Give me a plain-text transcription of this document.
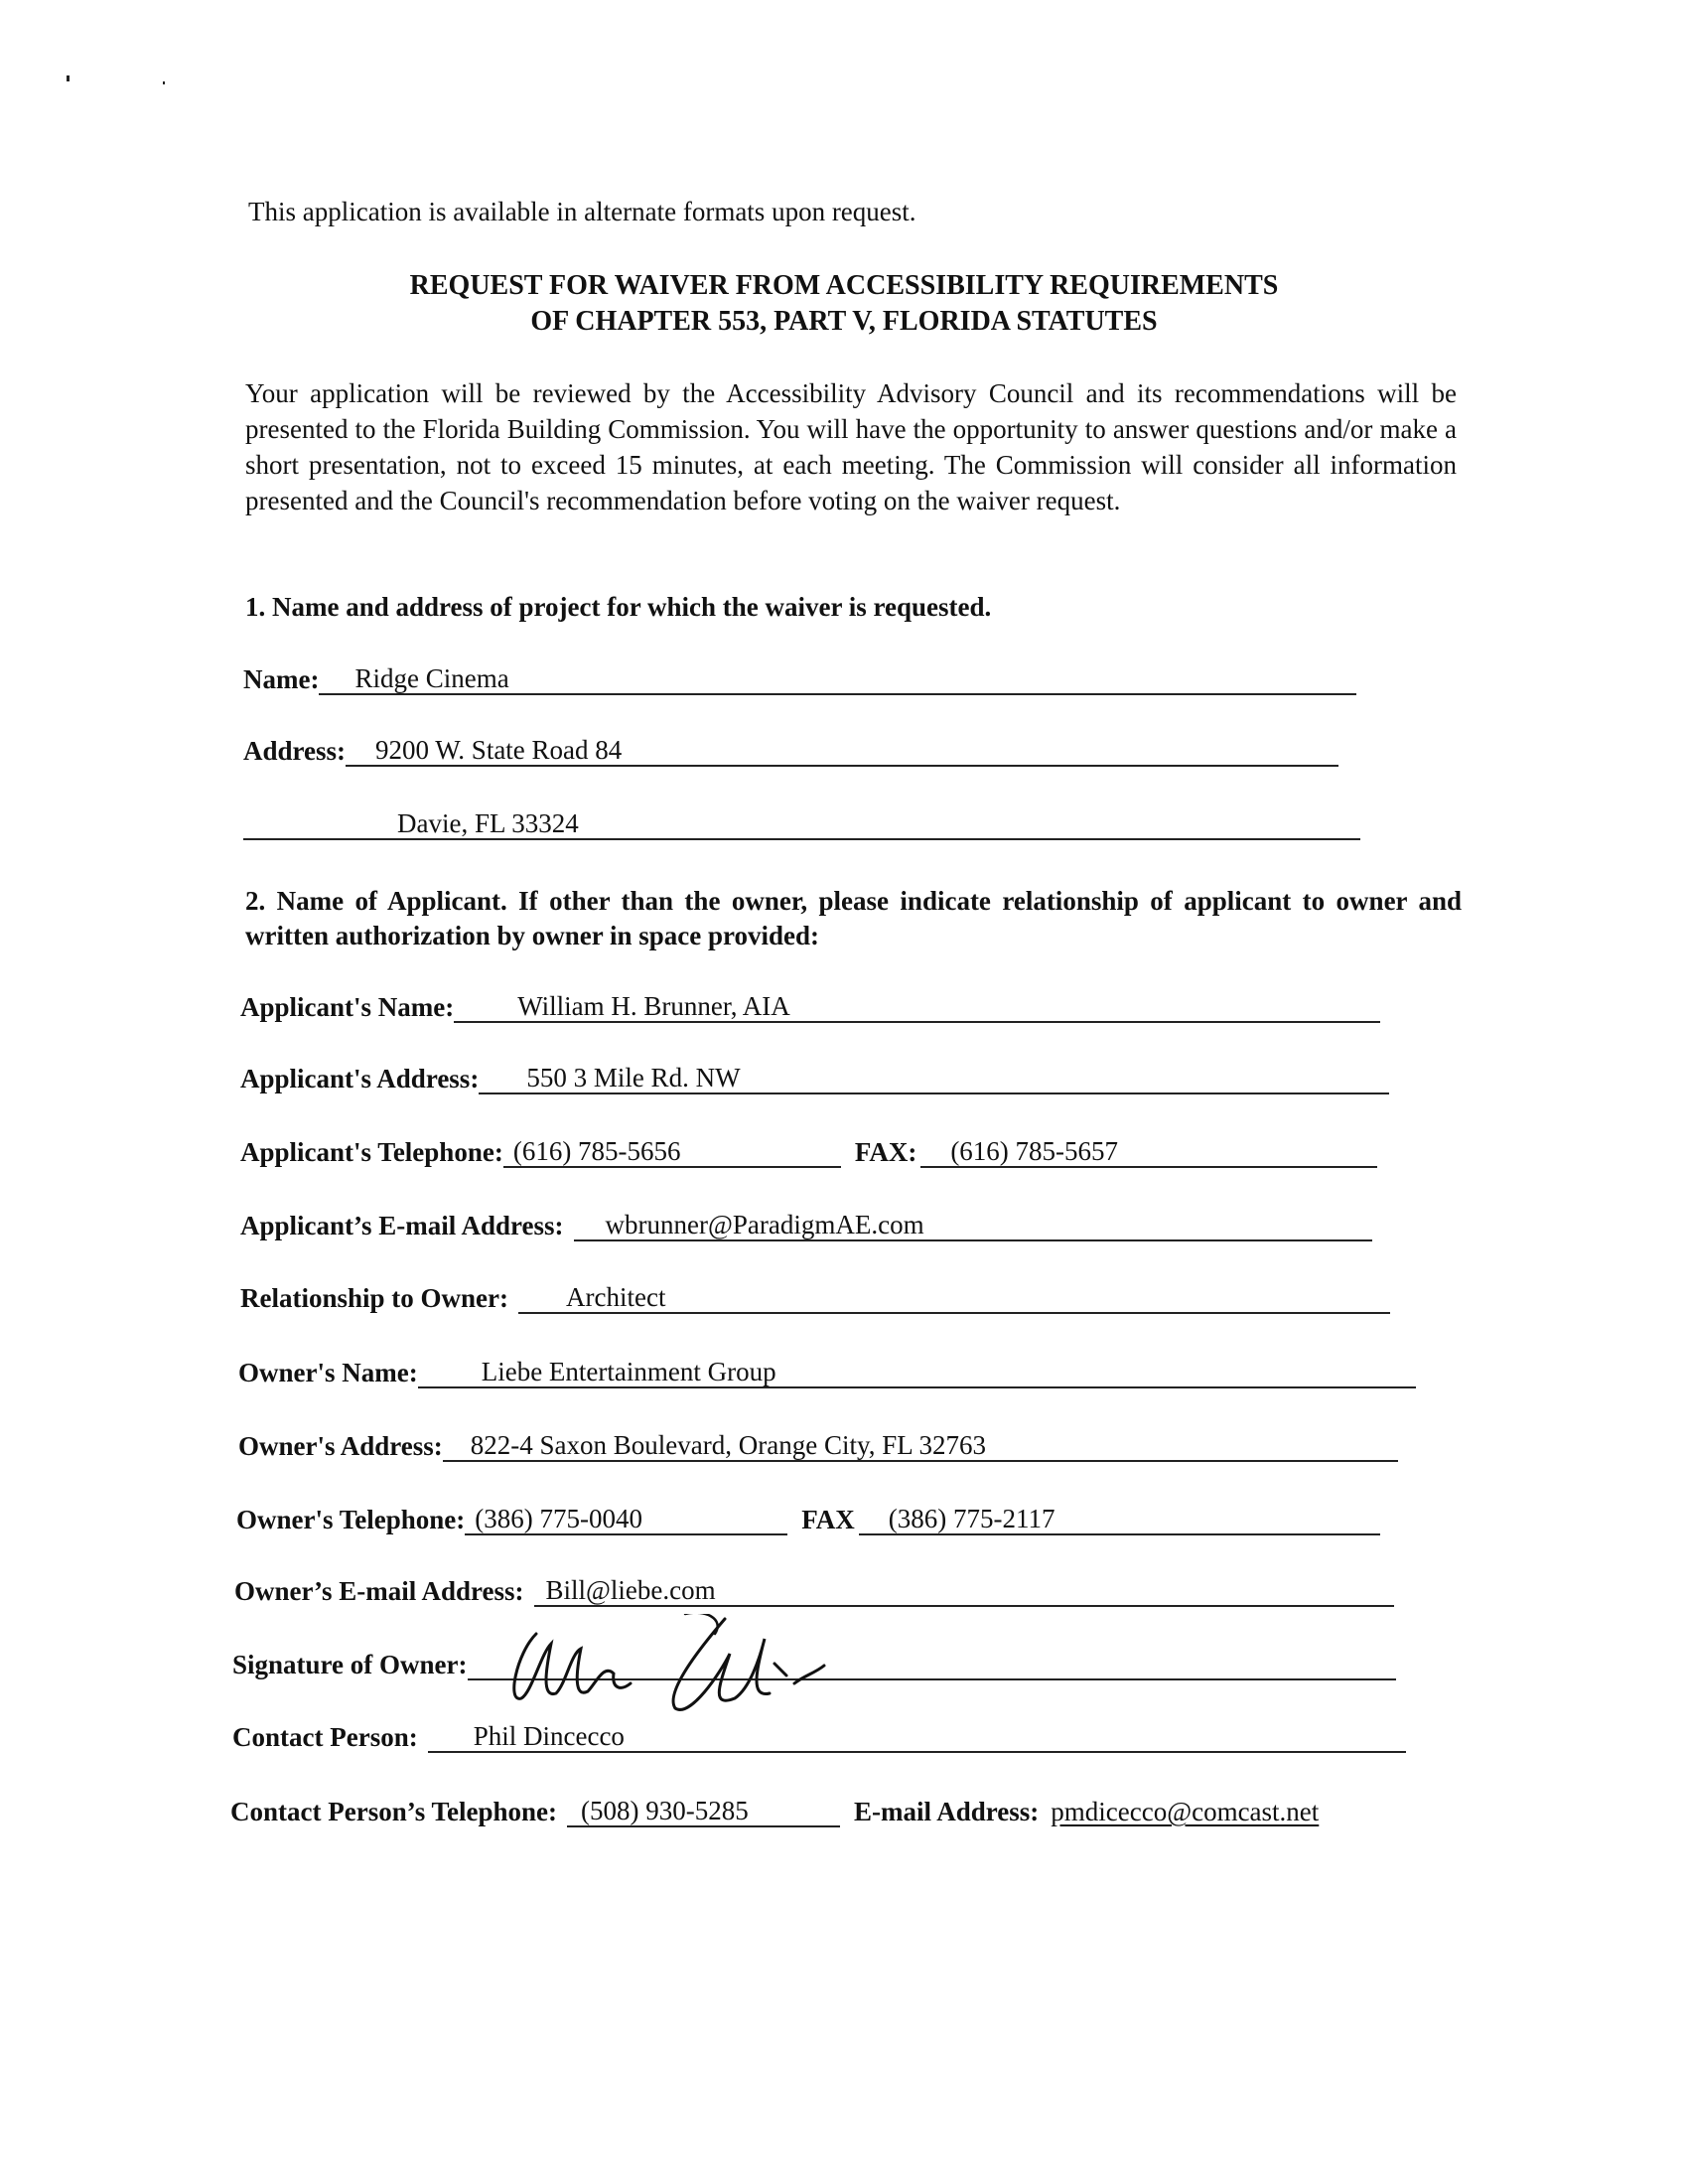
This application is available in alternate formats upon request.
REQUEST FOR WAIVER FROM ACCESSIBILITY REQUIREMENTS
OF CHAPTER 553, PART V, FLORIDA STATUTES
Your application will be reviewed by the Accessibility Advisory Council and its recommendations will be presented to the Florida Building Commission. You will have the opportunity to answer questions and/or make a short presentation, not to exceed 15 minutes, at each meeting. The Commission will consider all information presented and the Council's recommendation before voting on the waiver request.
1. Name and address of project for which the waiver is requested.
Name: Ridge Cinema
Address: 9200 W. State Road 84
Davie, FL 33324
2. Name of Applicant. If other than the owner, please indicate relationship of applicant to owner and written authorization by owner in space provided:
Applicant's Name: William H. Brunner, AIA
Applicant's Address: 550 3 Mile Rd. NW
Applicant's Telephone: (616) 785-5656	FAX: (616) 785-5657
Applicant’s E-mail Address: wbrunner@ParadigmAE.com
Relationship to Owner: Architect
Owner's Name: Liebe Entertainment Group
Owner's Address: 822-4 Saxon Boulevard, Orange City, FL 32763
Owner's Telephone: (386) 775-0040	FAX (386) 775-2117
Owner’s E-mail Address: Bill@liebe.com
Signature of Owner:
Contact Person: Phil Dincecco
Contact Person’s Telephone: (508) 930-5285	E-mail Address: pmdicecco@comcast.net
